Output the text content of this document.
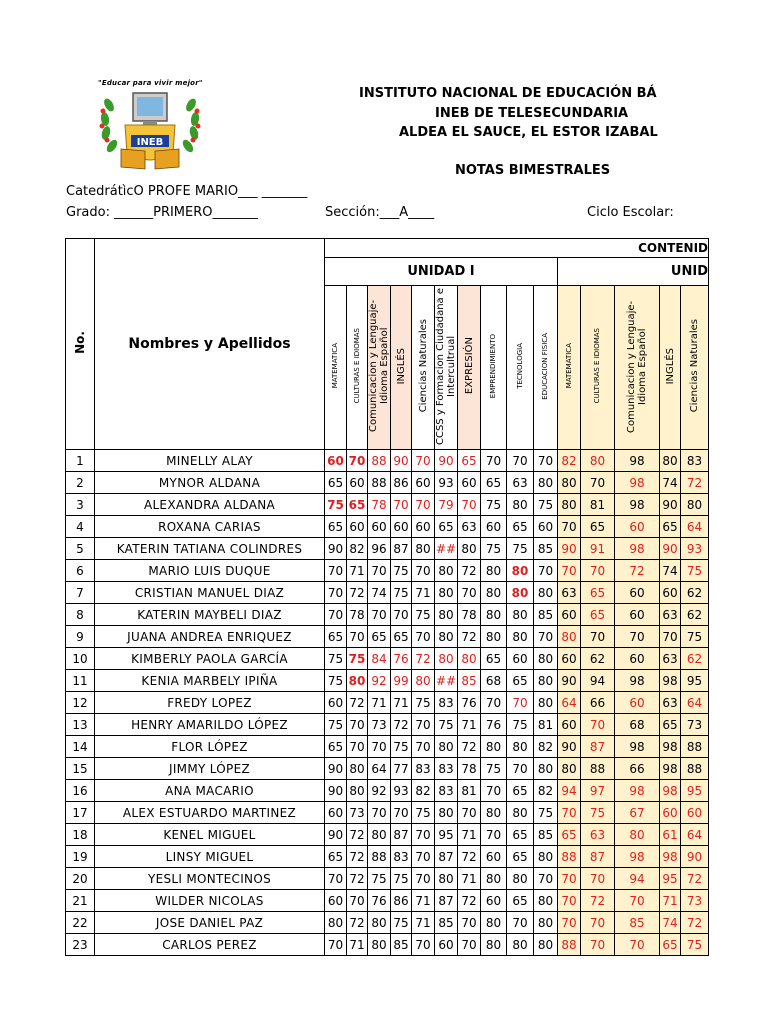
"Educar para vivir mejor"
INEB
INSTITUTO NACIONAL DE EDUCACIÓN BÁ
INEB DE TELESECUNDARIA
ALDEA EL SAUCE, EL ESTOR IZABAL
NOTAS BIMESTRALES
CatedrátìcO PROFE MARIO___ _______
Grado: ______PRIMERO_______	Sección:___A____	Ciclo Escolar:
No.	Nombres y Apellidos	CONTENID														
		UNIDAD I										UNID				
		MATEMATICA	CULTURAS E IDIOMAS	Comunicacion y Lenguaje-Idioma Español	INGLÉS	Ciencias Naturales	CCSS y Formacion Ciudadana e Intercultrual	EXPRESIÓN	EMPRENDIMIENTO	TECNOLOGIA	EDUCACION FISICA	MATEMATICA	CULTURAS E IDIOMAS	Comunicacion y Lenguaje-Idioma Español	INGLÉS	Ciencias Naturales
1	MINELLY ALAY	60	70	88	90	70	90	65	70	70	70	82	80	98	80	83
2	MYNOR ALDANA	65	60	88	86	60	93	60	65	63	80	80	70	98	74	72
3	ALEXANDRA ALDANA	75	65	78	70	70	79	70	75	80	75	80	81	98	90	80
4	ROXANA CARIAS	65	60	60	60	60	65	63	60	65	60	70	65	60	65	64
5	KATERIN TATIANA COLINDRES	90	82	96	87	80	##	80	75	75	85	90	91	98	90	93
6	MARIO LUIS DUQUE	70	71	70	75	70	80	72	80	80	70	70	70	72	74	75
7	CRISTIAN MANUEL DIAZ	70	72	74	75	71	80	70	80	80	80	63	65	60	60	62
8	KATERIN MAYBELI DIAZ	70	78	70	70	75	80	78	80	80	85	60	65	60	63	62
9	JUANA ANDREA ENRIQUEZ	65	70	65	65	70	80	72	80	80	70	80	70	70	70	75
10	KIMBERLY PAOLA GARCÍA	75	75	84	76	72	80	80	65	60	80	60	62	60	63	62
11	KENIA MARBELY IPIÑA	75	80	92	99	80	##	85	68	65	80	90	94	98	98	95
12	FREDY LOPEZ	60	72	71	71	75	83	76	70	70	80	64	66	60	63	64
13	HENRY AMARILDO LÓPEZ	75	70	73	72	70	75	71	76	75	81	60	70	68	65	73
14	FLOR LÓPEZ	65	70	70	75	70	80	72	80	80	82	90	87	98	98	88
15	JIMMY LÓPEZ	90	80	64	77	83	83	78	75	70	80	80	88	66	98	88
16	ANA MACARIO	90	80	92	93	82	83	81	70	65	82	94	97	98	98	95
17	ALEX ESTUARDO MARTINEZ	60	73	70	70	75	80	70	80	80	75	70	75	67	60	60
18	KENEL MIGUEL	90	72	80	87	70	95	71	70	65	85	65	63	80	61	64
19	LINSY MIGUEL	65	72	88	83	70	87	72	60	65	80	88	87	98	98	90
20	YESLI MONTECINOS	70	72	75	75	70	80	71	80	80	70	70	70	94	95	72
21	WILDER NICOLAS	60	70	76	86	71	87	72	60	65	80	70	72	70	71	73
22	JOSE DANIEL PAZ	80	72	80	75	71	85	70	80	70	80	70	70	85	74	72
23	CARLOS PEREZ	70	71	80	85	70	60	70	80	80	80	88	70	70	65	75
